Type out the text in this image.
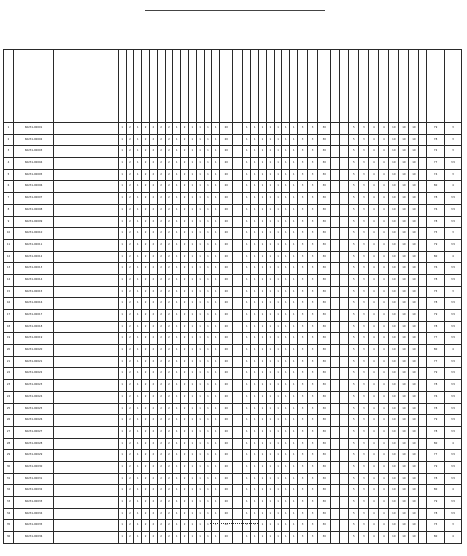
1	60231-00001		1	2	1	2	2	2	2	1	2	1	1	1	1	20		1	1	1	1	1	1	1	3	3	30			5	3	4	4	10	10	10		79	3
2	60231-00002		1	2	1	2	2	2	2	1	2	1	1	1	1	20		1	1	1	1	1	1	1	3	3	30			5	3	4	4	10	10	10		78	3
3	60231-00003		1	2	1	2	2	2	2	1	2	1	1	1	1	20		1	1	1	1	1	1	1	3	3	30			5	3	4	4	10	10	10		72	3
4	60231-00004		1	2	1	2	2	2	2	1	2	1	1	1	1	20		1	1	1	1	1	1	1	3	3	30			5	3	4	4	10	10	10		77	3.5
5	60231-00005		1	2	1	2	2	2	2	1	2	1	1	1	1	20		1	1	1	1	1	1	1	3	3	30			5	3	4	4	10	10	10		74	3
6	60231-00006		1	2	1	2	2	2	2	1	2	1	1	1	1	20		1	1	1	1	1	1	1	3	3	30			5	3	4	4	10	10	10		80	4
7	60231-00007		1	2	1	2	2	2	2	1	2	1	1	1	1	20		1	1	1	1	1	1	1	3	3	30			5	3	4	4	10	10	10		78	3.5
8	60231-00008		1	2	1	2	2	2	2	1	2	1	1	1	1	20		1	1	1	1	1	1	1	3	3	30			5	3	4	4	10	10	10		76	3.5
9	60231-00009		1	2	1	2	2	2	2	1	2	1	1	1	1	20		1	1	1	1	1	1	1	3	3	30			5	3	4	4	10	10	10		78	3.5
10	60231-00010		1	2	1	2	2	2	2	1	2	1	1	1	1	20		1	1	1	1	1	1	1	3	3	30			5	3	4	4	10	10	10		75	3
11	60231-00011		1	2	1	2	2	2	2	1	2	1	1	1	1	20		1	1	1	1	1	1	1	3	3	30			5	3	4	4	10	10	10		79	3.5
12	60231-00012		1	2	1	2	2	2	2	1	2	1	1	1	1	20		1	1	1	1	1	1	1	3	3	30			5	3	4	4	10	10	10		80	4
13	60231-00013		1	2	1	2	2	2	2	1	2	1	1	1	1	20		1	1	1	1	1	1	1	3	3	30			5	3	4	4	10	10	10		76	3.5
14	60231-00014		1	2	1	2	2	2	2	1	2	1	1	1	1	20		1	1	1	1	1	1	1	3	3	30			5	3	4	4	10	10	10		78	3.5
15	60231-00015		1	2	1	2	2	2	2	1	2	1	1	1	1	20		1	1	1	1	1	1	1	3	3	30			5	3	4	4	10	10	10		75	3
16	60231-00016		1	2	1	2	2	2	2	1	2	1	1	1	1	20		1	1	1	1	1	1	1	3	3	30			5	3	4	4	10	10	10		78	3.5
17	60231-00017		1	2	1	2	2	2	2	1	2	1	1	1	1	20		1	1	1	1	1	1	1	3	3	30			5	3	4	4	10	10	10		79	3.5
18	60231-00018		1	2	1	2	2	2	2	1	2	1	1	1	1	20		1	1	1	1	1	1	1	3	3	30			5	3	4	4	10	10	10		78	3.5
19	60231-00019		1	2	1	2	2	2	2	1	2	1	1	1	1	20		1	1	1	1	1	1	1	3	3	30			5	3	4	4	10	10	10		77	3.5
20	60231-00020		1	2	1	2	2	2	2	1	2	1	1	1	1	20		1	1	1	1	1	1	1	3	3	30			5	3	4	4	10	10	10		80	4
21	60231-00021		1	2	1	2	2	2	2	1	2	1	1	1	1	20		1	1	1	1	1	1	1	3	3	30			5	3	4	4	10	10	10		77	3.5
22	60231-00022		1	2	1	2	2	2	2	1	2	1	1	1	1	20		1	1	1	1	1	1	1	3	3	30			5	3	4	4	10	10	10		79	3.5
23	60231-00023		1	2	1	2	2	2	2	1	2	1	1	1	1	20		1	1	1	1	1	1	1	3	3	30			5	3	4	4	10	10	10		78	3.5
24	60231-00024		1	2	1	2	2	2	2	1	2	1	1	1	1	20		1	1	1	1	1	1	1	3	3	30			5	3	4	4	10	10	10		76	3.5
25	60231-00025		1	2	1	2	2	2	2	1	2	1	1	1	1	20		1	1	1	1	1	1	1	3	3	30			5	3	4	4	10	10	10		78	3.5
26	60231-00026		1	2	1	2	2	2	2	1	2	1	1	1	1	20		1	1	1	1	1	1	1	3	3	30			5	3	4	4	10	10	10		79	3.5
27	60231-00027		1	2	1	2	2	2	2	1	2	1	1	1	1	20		1	1	1	1	1	1	1	3	3	30			5	3	4	4	10	10	10		78	3.5
28	60231-00028		1	2	1	2	2	2	2	1	2	1	1	1	1	20		1	1	1	1	1	1	1	3	3	30			5	3	4	4	10	10	10		80	4
29	60231-00029		1	2	1	2	2	2	2	1	2	1	1	1	1	20		1	1	1	1	1	1	1	3	3	30			5	3	4	4	10	10	10		77	3.5
30	60231-00030		1	2	1	2	2	2	2	1	2	1	1	1	1	20		1	1	1	1	1	1	1	3	3	30			5	3	4	4	10	10	10		79	3.5
31	60231-00031		1	2	1	2	2	2	2	1	2	1	1	1	1	20		1	1	1	1	1	1	1	3	3	30			5	3	4	4	10	10	10		78	3.5
32	60231-00032		1	2	1	2	2	2	2	1	2	1	1	1	1	20		1	1	1	1	1	1	1	3	3	30			5	3	4	4	10	10	10		80	4
33	60231-00033		1	2	1	2	2	2	2	1	2	1	1	1	1	20		1	1	1	1	1	1	1	3	3	30			5	3	4	4	10	10	10		79	3.5
34	60231-00034		1	2	1	2	2	2	2	1	2	1	1	1	1	20		1	1	1	1	1	1	1	3	3	30			5	3	4	4	10	10	10		78	3.5
35	60231-00035		1	2	1	2	2	2	2	1	2	1	1	1	1	20		1	1	1	1	1	1	1	3	3	30			5	3	4	4	10	10	10		75	3
36	60231-00036		1	2	1	2	2	2	2	1	2	1	1	1	1	20		1	1	1	1	1	1	1	3	3	30			5	3	4	4	10	10	10		80	4
